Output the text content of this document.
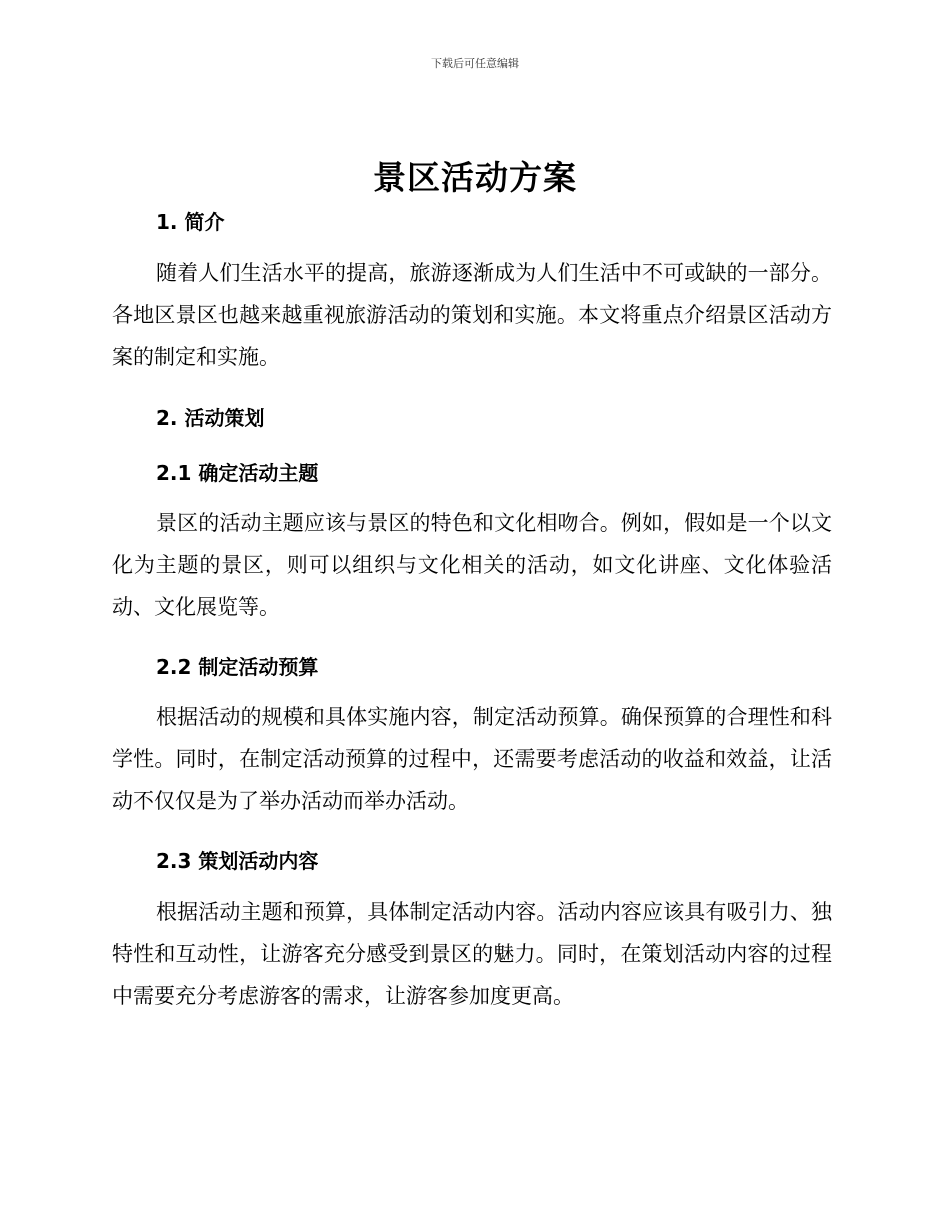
下载后可任意编辑
景区活动方案
1. 简介

随着人们生活水平的提高，旅游逐渐成为人们生活中不可或缺的一部分。各地区景区也越来越重视旅游活动的策划和实施。本文将重点介绍景区活动方案的制定和实施。

2. 活动策划
2.1 确定活动主题

景区的活动主题应该与景区的特色和文化相吻合。例如，假如是一个以文化为主题的景区，则可以组织与文化相关的活动，如文化讲座、文化体验活动、文化展览等。

2.2 制定活动预算

根据活动的规模和具体实施内容，制定活动预算。确保预算的合理性和科学性。同时，在制定活动预算的过程中，还需要考虑活动的收益和效益，让活动不仅仅是为了举办活动而举办活动。

2.3 策划活动内容

根据活动主题和预算，具体制定活动内容。活动内容应该具有吸引力、独特性和互动性，让游客充分感受到景区的魅力。同时，在策划活动内容的过程中需要充分考虑游客的需求，让游客参加度更高。
